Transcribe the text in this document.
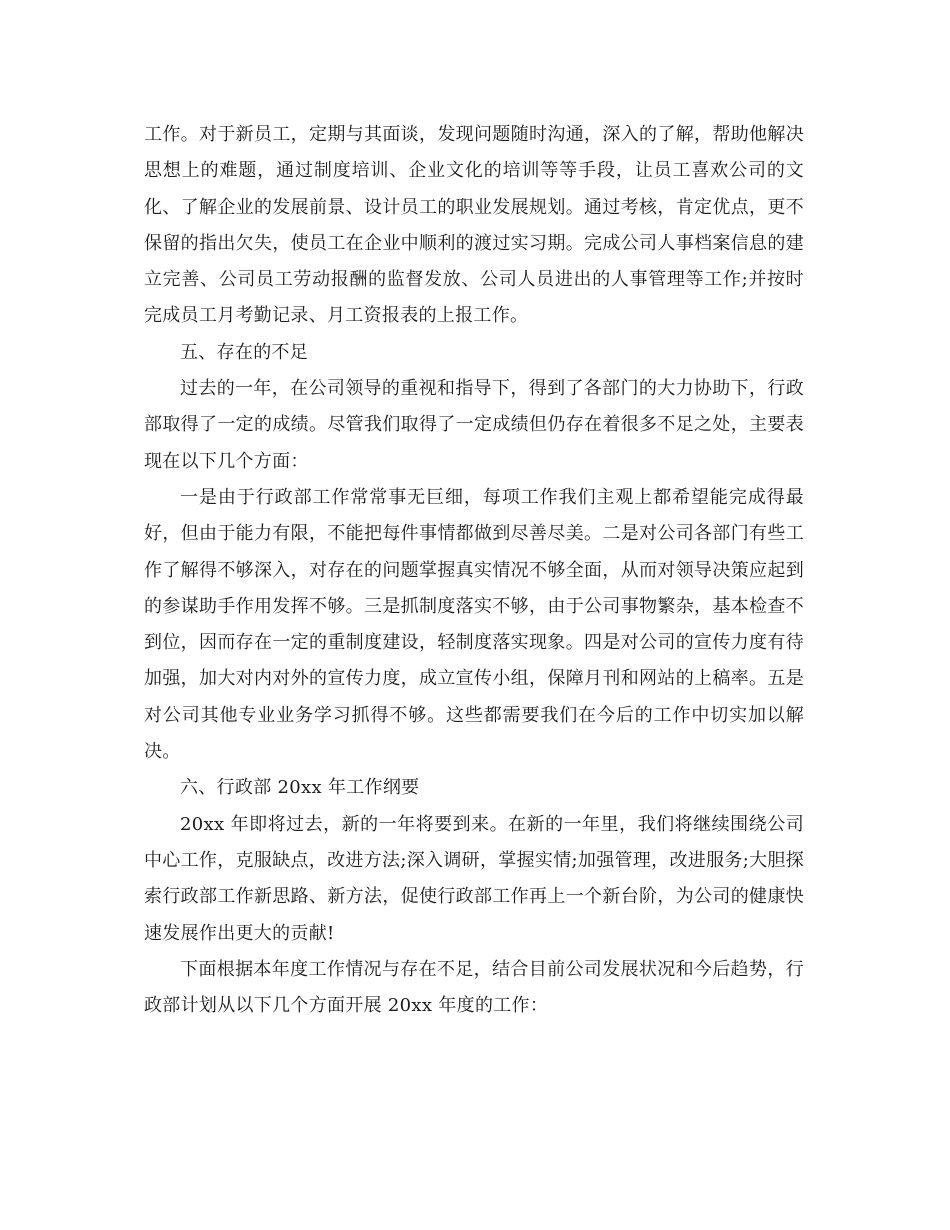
工作。对于新员工，定期与其面谈，发现问题随时沟通，深入的了解，帮助他解决思想上的难题，通过制度培训、企业文化的培训等等手段，让员工喜欢公司的文化、了解企业的发展前景、设计员工的职业发展规划。通过考核，肯定优点，更不保留的指出欠失，使员工在企业中顺利的渡过实习期。完成公司人事档案信息的建立完善、公司员工劳动报酬的监督发放、公司人员进出的人事管理等工作;并按时完成员工月考勤记录、月工资报表的上报工作。

五、存在的不足

过去的一年，在公司领导的重视和指导下，得到了各部门的大力协助下，行政部取得了一定的成绩。尽管我们取得了一定成绩但仍存在着很多不足之处，主要表现在以下几个方面：

一是由于行政部工作常常事无巨细，每项工作我们主观上都希望能完成得最好，但由于能力有限，不能把每件事情都做到尽善尽美。二是对公司各部门有些工作了解得不够深入，对存在的问题掌握真实情况不够全面，从而对领导决策应起到的参谋助手作用发挥不够。三是抓制度落实不够，由于公司事物繁杂，基本检查不到位，因而存在一定的重制度建设，轻制度落实现象。四是对公司的宣传力度有待加强，加大对内对外的宣传力度，成立宣传小组，保障月刊和网站的上稿率。五是对公司其他专业业务学习抓得不够。这些都需要我们在今后的工作中切实加以解决。

六、行政部 20xx 年工作纲要

20xx 年即将过去，新的一年将要到来。在新的一年里，我们将继续围绕公司中心工作，克服缺点，改进方法;深入调研，掌握实情;加强管理，改进服务;大胆探索行政部工作新思路、新方法，促使行政部工作再上一个新台阶，为公司的健康快速发展作出更大的贡献!

下面根据本年度工作情况与存在不足，结合目前公司发展状况和今后趋势，行政部计划从以下几个方面开展 20xx 年度的工作：
